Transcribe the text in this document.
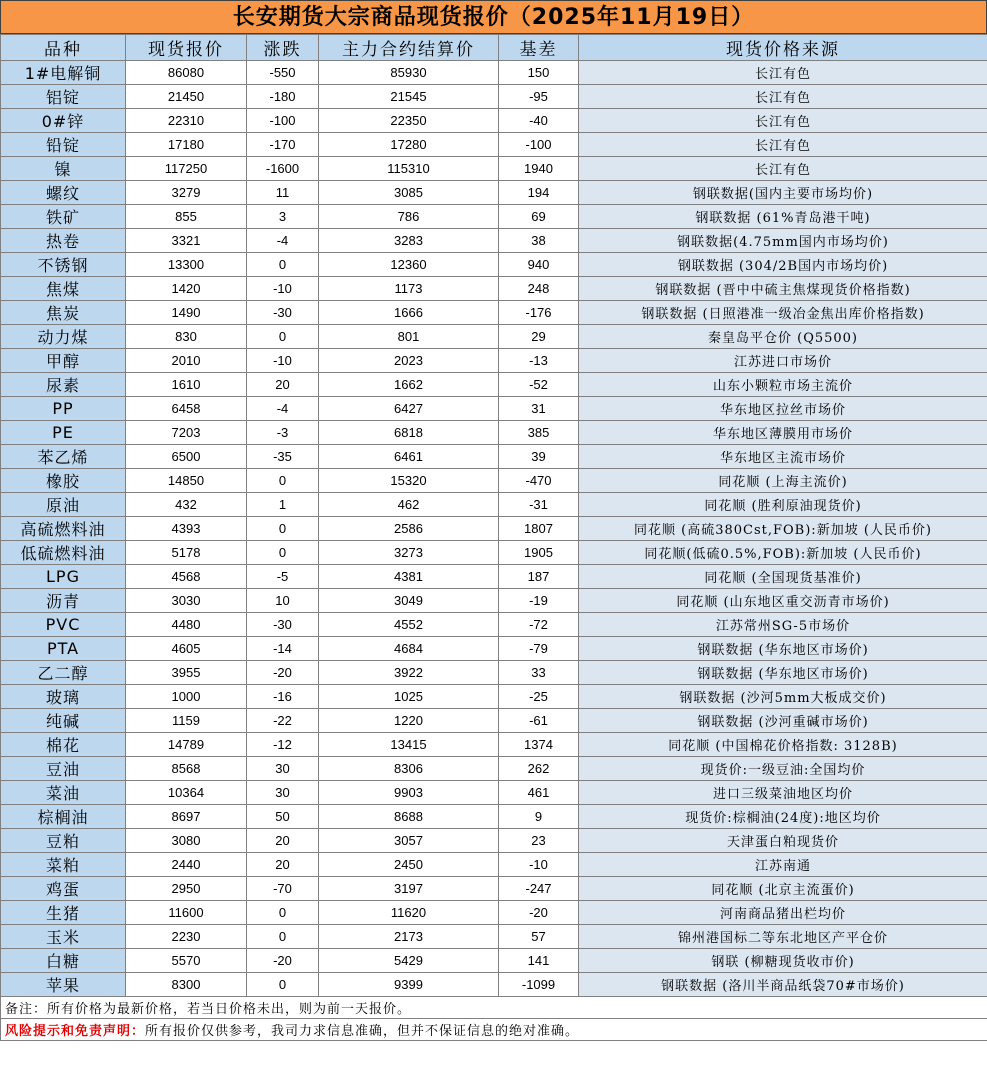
长安期货大宗商品现货报价（2025年11月19日）
品种	现货报价	涨跌	主力合约结算价	基差	现货价格来源
1#电解铜	86080	-550	85930	150	长江有色
铝锭	21450	-180	21545	-95	长江有色
0#锌	22310	-100	22350	-40	长江有色
铅锭	17180	-170	17280	-100	长江有色
镍	117250	-1600	115310	1940	长江有色
螺纹	3279	11	3085	194	钢联数据(国内主要市场均价)
铁矿	855	3	786	69	钢联数据 (61%青岛港干吨)
热卷	3321	-4	3283	38	钢联数据(4.75mm国内市场均价)
不锈钢	13300	0	12360	940	钢联数据 (304/2B国内市场均价)
焦煤	1420	-10	1173	248	钢联数据 (晋中中硫主焦煤现货价格指数)
焦炭	1490	-30	1666	-176	钢联数据 (日照港准一级冶金焦出库价格指数)
动力煤	830	0	801	29	秦皇岛平仓价 (Q5500)
甲醇	2010	-10	2023	-13	江苏进口市场价
尿素	1610	20	1662	-52	山东小颗粒市场主流价
PP	6458	-4	6427	31	华东地区拉丝市场价
PE	7203	-3	6818	385	华东地区薄膜用市场价
苯乙烯	6500	-35	6461	39	华东地区主流市场价
橡胶	14850	0	15320	-470	同花顺 (上海主流价)
原油	432	1	462	-31	同花顺 (胜利原油现货价)
高硫燃料油	4393	0	2586	1807	同花顺 (高硫380Cst,FOB):新加坡 (人民币价)
低硫燃料油	5178	0	3273	1905	同花顺(低硫0.5%,FOB):新加坡 (人民币价)
LPG	4568	-5	4381	187	同花顺 (全国现货基准价)
沥青	3030	10	3049	-19	同花顺 (山东地区重交沥青市场价)
PVC	4480	-30	4552	-72	江苏常州SG-5市场价
PTA	4605	-14	4684	-79	钢联数据 (华东地区市场价)
乙二醇	3955	-20	3922	33	钢联数据 (华东地区市场价)
玻璃	1000	-16	1025	-25	钢联数据 (沙河5mm大板成交价)
纯碱	1159	-22	1220	-61	钢联数据 (沙河重碱市场价)
棉花	14789	-12	13415	1374	同花顺 (中国棉花价格指数: 3128B)
豆油	8568	30	8306	262	现货价:一级豆油:全国均价
菜油	10364	30	9903	461	进口三级菜油地区均价
棕榈油	8697	50	8688	9	现货价:棕榈油(24度):地区均价
豆粕	3080	20	3057	23	天津蛋白粕现货价
菜粕	2440	20	2450	-10	江苏南通
鸡蛋	2950	-70	3197	-247	同花顺 (北京主流蛋价)
生猪	11600	0	11620	-20	河南商品猪出栏均价
玉米	2230	0	2173	57	锦州港国标二等东北地区产平仓价
白糖	5570	-20	5429	141	钢联 (柳糖现货收市价)
苹果	8300	0	9399	-1099	钢联数据 (洛川半商品纸袋70#市场价)
备注：所有价格为最新价格，若当日价格未出，则为前一天报价。					
风险提示和免责声明：所有报价仅供参考，我司力求信息准确，但并不保证信息的绝对准确。					
